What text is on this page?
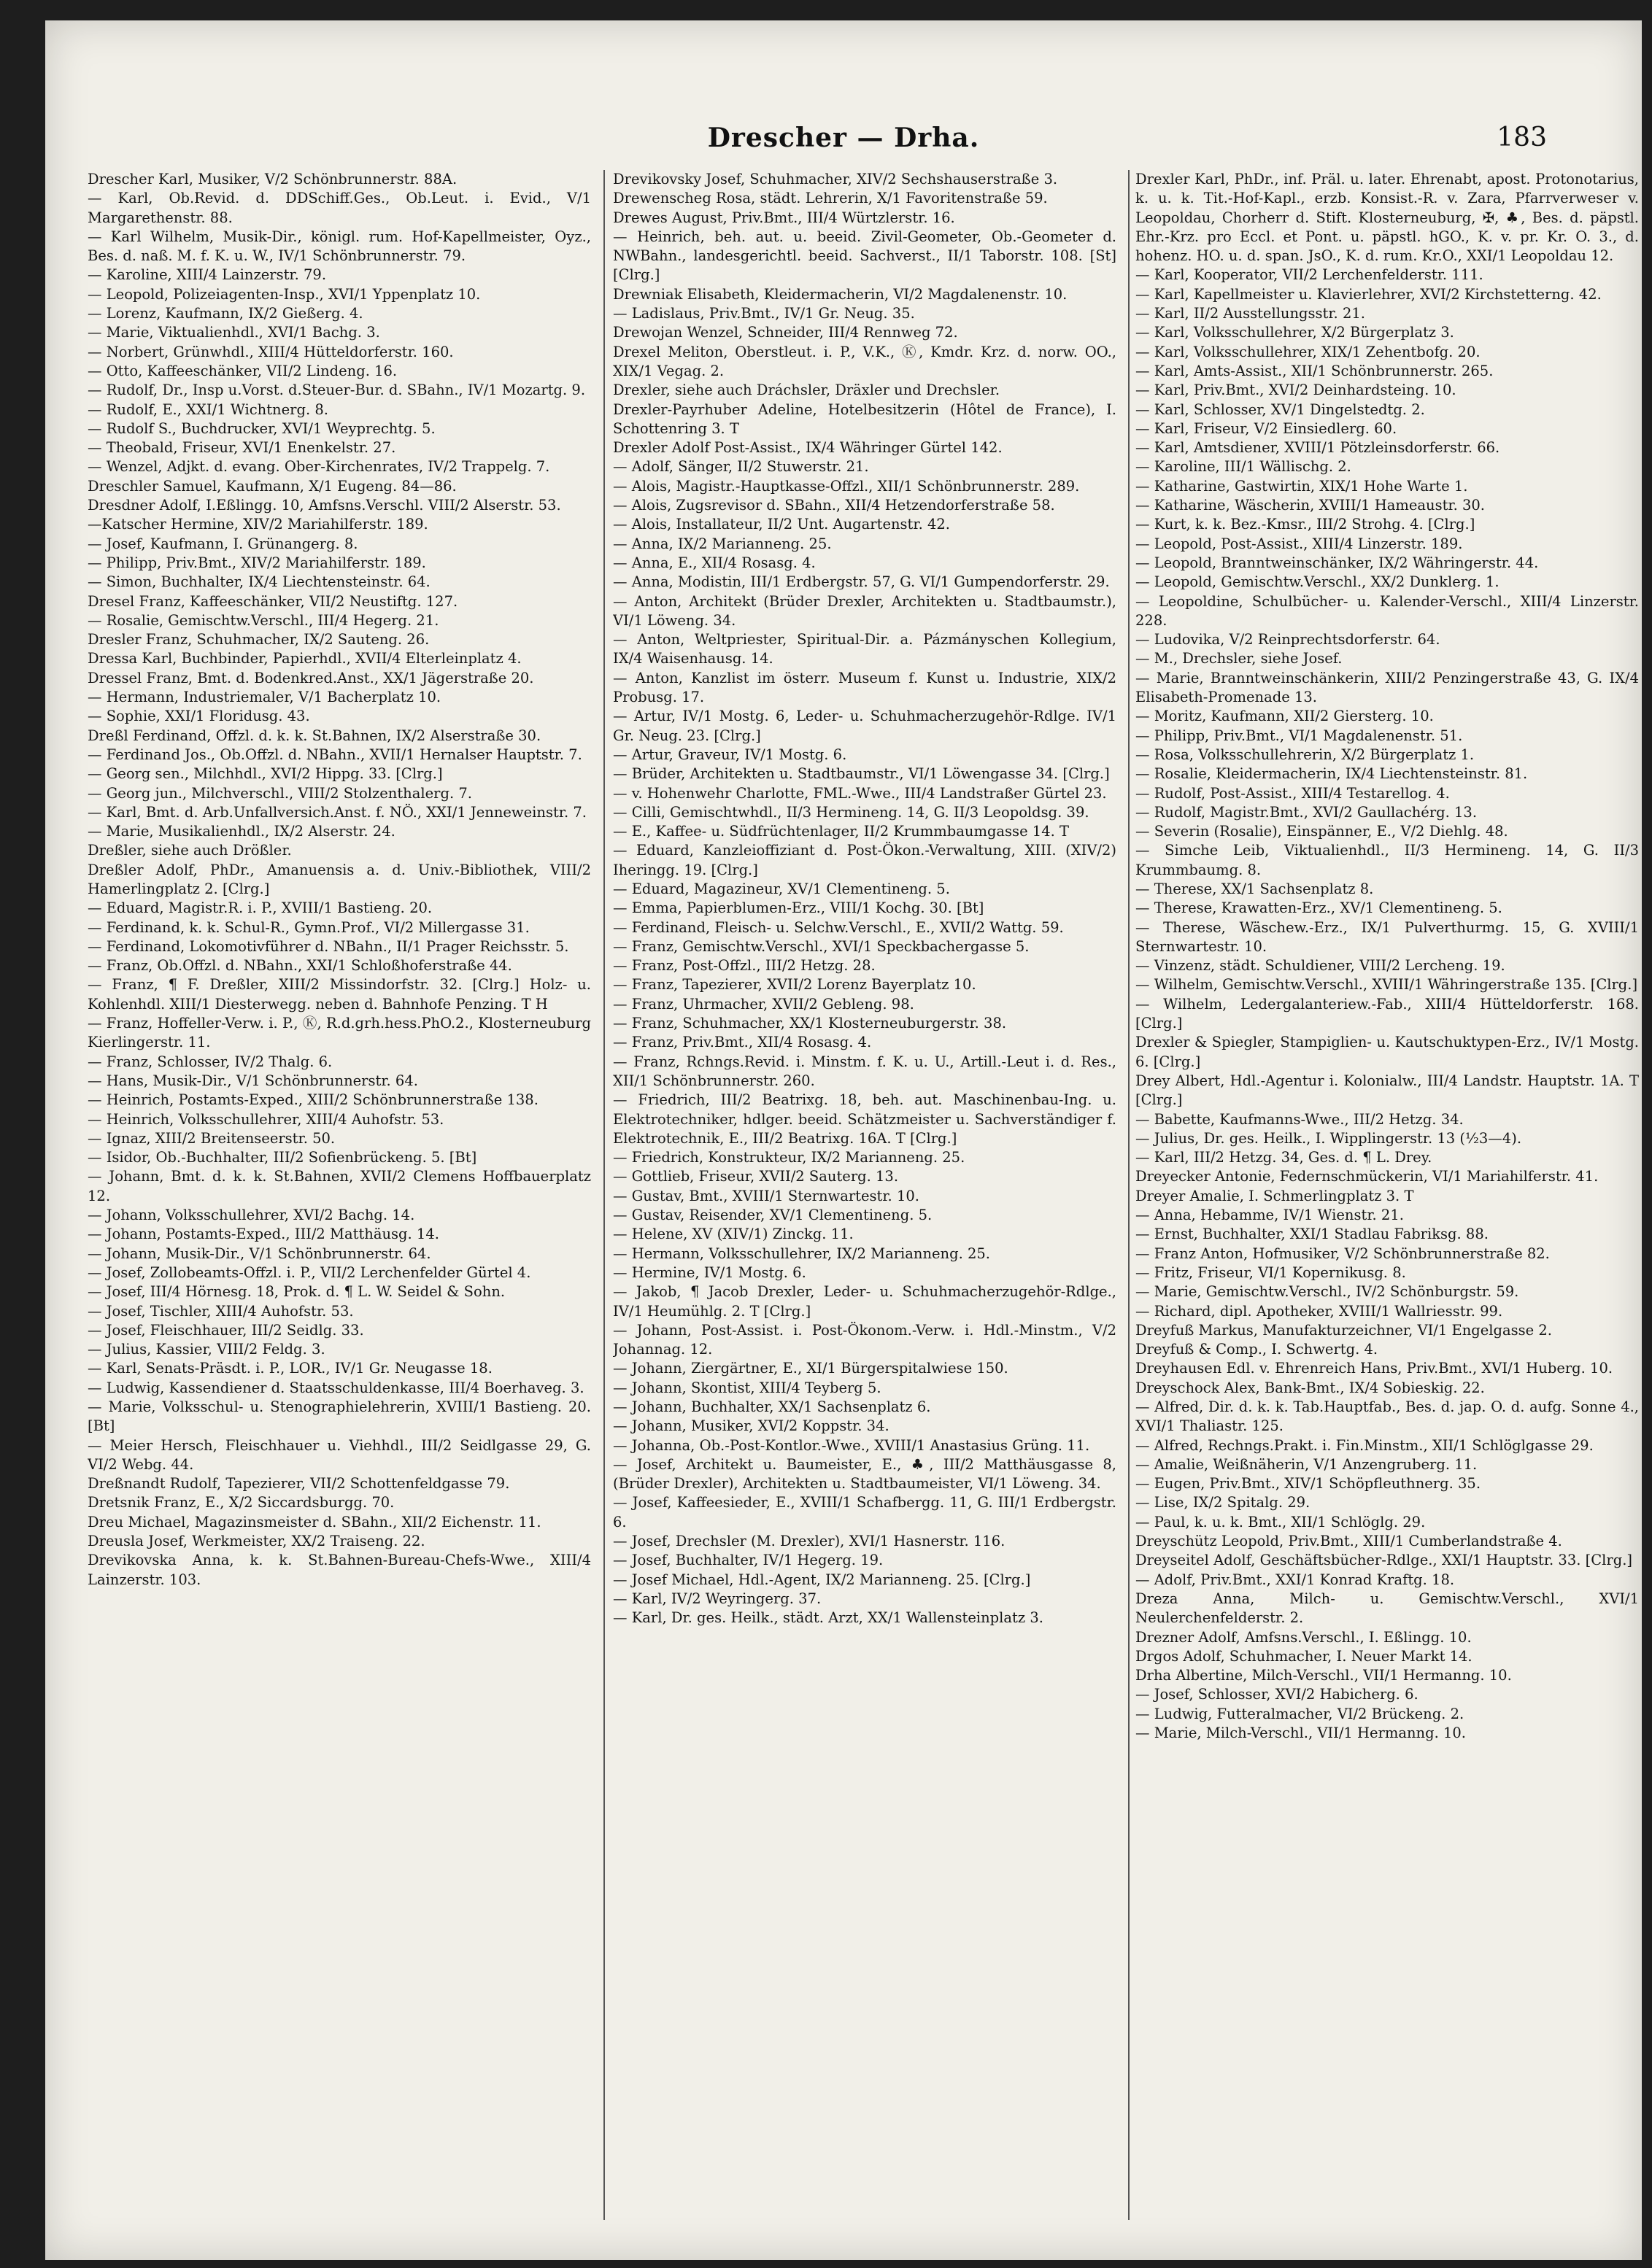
Drescher — Drha.	183

Drescher Karl, Musiker, V/2 Schönbrunnerstr. 88A.

— Karl, Ob.Revid. d. DDSchiff.Ges., Ob.Leut. i. Evid., V/1 Margarethenstr. 88.

— Karl Wilhelm, Musik-Dir., königl. rum. Hof-Kapellmeister, Oyz., Bes. d. naß. M. f. K. u. W., IV/1 Schönbrunnerstr. 79.

— Karoline, XIII/4 Lainzerstr. 79.

— Leopold, Polizeiagenten-Insp., XVI/1 Yppenplatz 10.

— Lorenz, Kaufmann, IX/2 Gießerg. 4.

— Marie, Viktualienhdl., XVI/1 Bachg. 3.

— Norbert, Grünwhdl., XIII/4 Hütteldorferstr. 160.

— Otto, Kaffeeschänker, VII/2 Lindeng. 16.

— Rudolf, Dr., Insp u.Vorst. d.Steuer-Bur. d. SBahn., IV/1 Mozartg. 9.

— Rudolf, E., XXI/1 Wichtnerg. 8.

— Rudolf S., Buchdrucker, XVI/1 Weyprechtg. 5.

— Theobald, Friseur, XVI/1 Enenkelstr. 27.

— Wenzel, Adjkt. d. evang. Ober-Kirchenrates, IV/2 Trappelg. 7.

Dreschler Samuel, Kaufmann, X/1 Eugeng. 84—86.

Dresdner Adolf, I.Eßlingg. 10, Amfsns.Verschl. VIII/2 Alserstr. 53.

—Katscher Hermine, XIV/2 Mariahilferstr. 189.

— Josef, Kaufmann, I. Grünangerg. 8.

— Philipp, Priv.Bmt., XIV/2 Mariahilferstr. 189.

— Simon, Buchhalter, IX/4 Liechtensteinstr. 64.

Dresel Franz, Kaffeeschänker, VII/2 Neustiftg. 127.

— Rosalie, Gemischtw.Verschl., III/4 Hegerg. 21.

Dresler Franz, Schuhmacher, IX/2 Sauteng. 26.

Dressa Karl, Buchbinder, Papierhdl., XVII/4 Elterleinplatz 4.

Dressel Franz, Bmt. d. Bodenkred.Anst., XX/1 Jägerstraße 20.

— Hermann, Industriemaler, V/1 Bacherplatz 10.

— Sophie, XXI/1 Floridusg. 43.

Dreßl Ferdinand, Offzl. d. k. k. St.Bahnen, IX/2 Alserstraße 30.

— Ferdinand Jos., Ob.Offzl. d. NBahn., XVII/1 Hernalser Hauptstr. 7.

— Georg sen., Milchhdl., XVI/2 Hippg. 33. [Clrg.]

— Georg jun., Milchverschl., VIII/2 Stolzenthalerg. 7.

— Karl, Bmt. d. Arb.Unfallversich.Anst. f. NÖ., XXI/1 Jenneweinstr. 7.

— Marie, Musikalienhdl., IX/2 Alserstr. 24.

Dreßler, siehe auch Drößler.

Dreßler Adolf, PhDr., Amanuensis a. d. Univ.-Bibliothek, VIII/2 Hamerlingplatz 2. [Clrg.]

— Eduard, Magistr.R. i. P., XVIII/1 Bastieng. 20.

— Ferdinand, k. k. Schul-R., Gymn.Prof., VI/2 Millergasse 31.

— Ferdinand, Lokomotivführer d. NBahn., II/1 Prager Reichsstr. 5.

— Franz, Ob.Offzl. d. NBahn., XXI/1 Schloßhoferstraße 44.

— Franz, ¶ F. Dreßler, XIII/2 Missindorfstr. 32. [Clrg.] Holz- u. Kohlenhdl. XIII/1 Diesterwegg. neben d. Bahnhofe Penzing. T H

— Franz, Hoffeller-Verw. i. P., Ⓚ, R.d.grh.hess.PhO.2., Klosterneuburg Kierlingerstr. 11.

— Franz, Schlosser, IV/2 Thalg. 6.

— Hans, Musik-Dir., V/1 Schönbrunnerstr. 64.

— Heinrich, Postamts-Exped., XIII/2 Schönbrunnerstraße 138.

— Heinrich, Volksschullehrer, XIII/4 Auhofstr. 53.

— Ignaz, XIII/2 Breitenseerstr. 50.

— Isidor, Ob.-Buchhalter, III/2 Sofienbrückeng. 5. [Bt]

— Johann, Bmt. d. k. k. St.Bahnen, XVII/2 Clemens Hoffbauerplatz 12.

— Johann, Volksschullehrer, XVI/2 Bachg. 14.

— Johann, Postamts-Exped., III/2 Matthäusg. 14.

— Johann, Musik-Dir., V/1 Schönbrunnerstr. 64.

— Josef, Zollobeamts-Offzl. i. P., VII/2 Lerchenfelder Gürtel 4.

— Josef, III/4 Hörnesg. 18, Prok. d. ¶ L. W. Seidel & Sohn.

— Josef, Tischler, XIII/4 Auhofstr. 53.

— Josef, Fleischhauer, III/2 Seidlg. 33.

— Julius, Kassier, VIII/2 Feldg. 3.

— Karl, Senats-Präsdt. i. P., LOR., IV/1 Gr. Neugasse 18.

— Ludwig, Kassendiener d. Staatsschuldenkasse, III/4 Boerhaveg. 3.

— Marie, Volksschul- u. Stenographielehrerin, XVIII/1 Bastieng. 20. [Bt]

— Meier Hersch, Fleischhauer u. Viehhdl., III/2 Seidlgasse 29, G. VI/2 Webg. 44.

Dreßnandt Rudolf, Tapezierer, VII/2 Schottenfeldgasse 79.

Dretsnik Franz, E., X/2 Siccardsburgg. 70.

Dreu Michael, Magazinsmeister d. SBahn., XII/2 Eichenstr. 11.

Dreusla Josef, Werkmeister, XX/2 Traiseng. 22.

Drevikovska Anna, k. k. St.Bahnen-Bureau-Chefs-Wwe., XIII/4 Lainzerstr. 103.

Drevikovsky Josef, Schuhmacher, XIV/2 Sechshauserstraße 3.

Drewenscheg Rosa, städt. Lehrerin, X/1 Favoritenstraße 59.

Drewes August, Priv.Bmt., III/4 Würtzlerstr. 16.

— Heinrich, beh. aut. u. beeid. Zivil-Geometer, Ob.-Geometer d. NWBahn., landesgerichtl. beeid. Sachverst., II/1 Taborstr. 108. [St] [Clrg.]

Drewniak Elisabeth, Kleidermacherin, VI/2 Magdalenenstr. 10.

— Ladislaus, Priv.Bmt., IV/1 Gr. Neug. 35.

Drewojan Wenzel, Schneider, III/4 Rennweg 72.

Drexel Meliton, Oberstleut. i. P., V.K., Ⓚ, Kmdr. Krz. d. norw. OO., XIX/1 Vegag. 2.

Drexler, siehe auch Dráchsler, Dräxler und Drechsler.

Drexler-Payrhuber Adeline, Hotelbesitzerin (Hôtel de France), I. Schottenring 3. T

Drexler Adolf Post-Assist., IX/4 Währinger Gürtel 142.

— Adolf, Sänger, II/2 Stuwerstr. 21.

— Alois, Magistr.-Hauptkasse-Offzl., XII/1 Schönbrunnerstr. 289.

— Alois, Zugsrevisor d. SBahn., XII/4 Hetzendorferstraße 58.

— Alois, Installateur, II/2 Unt. Augartenstr. 42.

— Anna, IX/2 Marianneng. 25.

— Anna, E., XII/4 Rosasg. 4.

— Anna, Modistin, III/1 Erdbergstr. 57, G. VI/1 Gumpendorferstr. 29.

— Anton, Architekt (Brüder Drexler, Architekten u. Stadtbaumstr.), VI/1 Löweng. 34.

— Anton, Weltpriester, Spiritual-Dir. a. Pázmányschen Kollegium, IX/4 Waisenhausg. 14.

— Anton, Kanzlist im österr. Museum f. Kunst u. Industrie, XIX/2 Probusg. 17.

— Artur, IV/1 Mostg. 6, Leder- u. Schuhmacherzugehör-Rdlge. IV/1 Gr. Neug. 23. [Clrg.]

— Artur, Graveur, IV/1 Mostg. 6.

— Brüder, Architekten u. Stadtbaumstr., VI/1 Löwengasse 34. [Clrg.]

— v. Hohenwehr Charlotte, FML.-Wwe., III/4 Landstraßer Gürtel 23.

— Cilli, Gemischtwhdl., II/3 Hermineng. 14, G. II/3 Leopoldsg. 39.

— E., Kaffee- u. Südfrüchtenlager, II/2 Krummbaumgasse 14. T

— Eduard, Kanzleioffiziant d. Post-Ökon.-Verwaltung, XIII. (XIV/2) Iheringg. 19. [Clrg.]

— Eduard, Magazineur, XV/1 Clementineng. 5.

— Emma, Papierblumen-Erz., VIII/1 Kochg. 30. [Bt]

— Ferdinand, Fleisch- u. Selchw.Verschl., E., XVII/2 Wattg. 59.

— Franz, Gemischtw.Verschl., XVI/1 Speckbachergasse 5.

— Franz, Post-Offzl., III/2 Hetzg. 28.

— Franz, Tapezierer, XVII/2 Lorenz Bayerplatz 10.

— Franz, Uhrmacher, XVII/2 Gebleng. 98.

— Franz, Schuhmacher, XX/1 Klosterneuburgerstr. 38.

— Franz, Priv.Bmt., XII/4 Rosasg. 4.

— Franz, Rchngs.Revid. i. Minstm. f. K. u. U., Artill.-Leut i. d. Res., XII/1 Schönbrunnerstr. 260.

— Friedrich, III/2 Beatrixg. 18, beh. aut. Maschinenbau-Ing. u. Elektrotechniker, hdlger. beeid. Schätzmeister u. Sachverständiger f. Elektrotechnik, E., III/2 Beatrixg. 16A. T [Clrg.]

— Friedrich, Konstrukteur, IX/2 Marianneng. 25.

— Gottlieb, Friseur, XVII/2 Sauterg. 13.

— Gustav, Bmt., XVIII/1 Sternwartestr. 10.

— Gustav, Reisender, XV/1 Clementineng. 5.

— Helene, XV (XIV/1) Zinckg. 11.

— Hermann, Volksschullehrer, IX/2 Marianneng. 25.

— Hermine, IV/1 Mostg. 6.

— Jakob, ¶ Jacob Drexler, Leder- u. Schuhmacherzugehör-Rdlge., IV/1 Heumühlg. 2. T [Clrg.]

— Johann, Post-Assist. i. Post-Ökonom.-Verw. i. Hdl.-Minstm., V/2 Johannag. 12.

— Johann, Ziergärtner, E., XI/1 Bürgerspitalwiese 150.

— Johann, Skontist, XIII/4 Teyberg 5.

— Johann, Buchhalter, XX/1 Sachsenplatz 6.

— Johann, Musiker, XVI/2 Koppstr. 34.

— Johanna, Ob.-Post-Kontlor.-Wwe., XVIII/1 Anastasius Grüng. 11.

— Josef, Architekt u. Baumeister, E., ♣, III/2 Matthäusgasse 8, (Brüder Drexler), Architekten u. Stadtbaumeister, VI/1 Löweng. 34.

— Josef, Kaffeesieder, E., XVIII/1 Schafbergg. 11, G. III/1 Erdbergstr. 6.

— Josef, Drechsler (M. Drexler), XVI/1 Hasnerstr. 116.

— Josef, Buchhalter, IV/1 Hegerg. 19.

— Josef Michael, Hdl.-Agent, IX/2 Marianneng. 25. [Clrg.]

— Karl, IV/2 Weyringerg. 37.

— Karl, Dr. ges. Heilk., städt. Arzt, XX/1 Wallensteinplatz 3.

Drexler Karl, PhDr., inf. Präl. u. later. Ehrenabt, apost. Protonotarius, k. u. k. Tit.-Hof-Kapl., erzb. Konsist.-R. v. Zara, Pfarrverweser v. Leopoldau, Chorherr d. Stift. Klosterneuburg, ✠, ♣, Bes. d. päpstl. Ehr.-Krz. pro Eccl. et Pont. u. päpstl. hGO., K. v. pr. Kr. O. 3., d. hohenz. HO. u. d. span. JsO., K. d. rum. Kr.O., XXI/1 Leopoldau 12.

— Karl, Kooperator, VII/2 Lerchenfelderstr. 111.

— Karl, Kapellmeister u. Klavierlehrer, XVI/2 Kirchstetterng. 42.

— Karl, II/2 Ausstellungsstr. 21.

— Karl, Volksschullehrer, X/2 Bürgerplatz 3.

— Karl, Volksschullehrer, XIX/1 Zehentbofg. 20.

— Karl, Amts-Assist., XII/1 Schönbrunnerstr. 265.

— Karl, Priv.Bmt., XVI/2 Deinhardsteing. 10.

— Karl, Schlosser, XV/1 Dingelstedtg. 2.

— Karl, Friseur, V/2 Einsiedlerg. 60.

— Karl, Amtsdiener, XVIII/1 Pötzleinsdorferstr. 66.

— Karoline, III/1 Wällischg. 2.

— Katharine, Gastwirtin, XIX/1 Hohe Warte 1.

— Katharine, Wäscherin, XVIII/1 Hameaustr. 30.

— Kurt, k. k. Bez.-Kmsr., III/2 Strohg. 4. [Clrg.]

— Leopold, Post-Assist., XIII/4 Linzerstr. 189.

— Leopold, Branntweinschänker, IX/2 Währingerstr. 44.

— Leopold, Gemischtw.Verschl., XX/2 Dunklerg. 1.

— Leopoldine, Schulbücher- u. Kalender-Verschl., XIII/4 Linzerstr. 228.

— Ludovika, V/2 Reinprechtsdorferstr. 64.

— M., Drechsler, siehe Josef.

— Marie, Branntweinschänkerin, XIII/2 Penzingerstraße 43, G. IX/4 Elisabeth-Promenade 13.

— Moritz, Kaufmann, XII/2 Giersterg. 10.

— Philipp, Priv.Bmt., VI/1 Magdalenenstr. 51.

— Rosa, Volksschullehrerin, X/2 Bürgerplatz 1.

— Rosalie, Kleidermacherin, IX/4 Liechtensteinstr. 81.

— Rudolf, Post-Assist., XIII/4 Testarellog. 4.

— Rudolf, Magistr.Bmt., XVI/2 Gaullachérg. 13.

— Severin (Rosalie), Einspänner, E., V/2 Diehlg. 48.

— Simche Leib, Viktualienhdl., II/3 Hermineng. 14, G. II/3 Krummbaumg. 8.

— Therese, XX/1 Sachsenplatz 8.

— Therese, Krawatten-Erz., XV/1 Clementineng. 5.

— Therese, Wäschew.-Erz., IX/1 Pulverthurmg. 15, G. XVIII/1 Sternwartestr. 10.

— Vinzenz, städt. Schuldiener, VIII/2 Lercheng. 19.

— Wilhelm, Gemischtw.Verschl., XVIII/1 Währingerstraße 135. [Clrg.]

— Wilhelm, Ledergalanteriew.-Fab., XIII/4 Hütteldorferstr. 168. [Clrg.]

Drexler & Spiegler, Stampiglien- u. Kautschuktypen-Erz., IV/1 Mostg. 6. [Clrg.]

Drey Albert, Hdl.-Agentur i. Kolonialw., III/4 Landstr. Hauptstr. 1A. T [Clrg.]

— Babette, Kaufmanns-Wwe., III/2 Hetzg. 34.

— Julius, Dr. ges. Heilk., I. Wipplingerstr. 13 (½3—4).

— Karl, III/2 Hetzg. 34, Ges. d. ¶ L. Drey.

Dreyecker Antonie, Federnschmückerin, VI/1 Mariahilferstr. 41.

Dreyer Amalie, I. Schmerlingplatz 3. T

— Anna, Hebamme, IV/1 Wienstr. 21.

— Ernst, Buchhalter, XXI/1 Stadlau Fabriksg. 88.

— Franz Anton, Hofmusiker, V/2 Schönbrunnerstraße 82.

— Fritz, Friseur, VI/1 Kopernikusg. 8.

— Marie, Gemischtw.Verschl., IV/2 Schönburgstr. 59.

— Richard, dipl. Apotheker, XVIII/1 Wallriesstr. 99.

Dreyfuß Markus, Manufakturzeichner, VI/1 Engelgasse 2.

Dreyfuß & Comp., I. Schwertg. 4.

Dreyhausen Edl. v. Ehrenreich Hans, Priv.Bmt., XVI/1 Huberg. 10.

Dreyschock Alex, Bank-Bmt., IX/4 Sobieskig. 22.

— Alfred, Dir. d. k. k. Tab.Hauptfab., Bes. d. jap. O. d. aufg. Sonne 4., XVI/1 Thaliastr. 125.

— Alfred, Rechngs.Prakt. i. Fin.Minstm., XII/1 Schlöglgasse 29.

— Amalie, Weißnäherin, V/1 Anzengruberg. 11.

— Eugen, Priv.Bmt., XIV/1 Schöpfleuthnerg. 35.

— Lise, IX/2 Spitalg. 29.

— Paul, k. u. k. Bmt., XII/1 Schlöglg. 29.

Dreyschütz Leopold, Priv.Bmt., XIII/1 Cumberlandstraße 4.

Dreyseitel Adolf, Geschäftsbücher-Rdlge., XXI/1 Hauptstr. 33. [Clrg.]

— Adolf, Priv.Bmt., XXI/1 Konrad Kraftg. 18.

Dreza Anna, Milch- u. Gemischtw.Verschl., XVI/1 Neulerchenfelderstr. 2.

Drezner Adolf, Amfsns.Verschl., I. Eßlingg. 10.

Drgos Adolf, Schuhmacher, I. Neuer Markt 14.

Drha Albertine, Milch-Verschl., VII/1 Hermanng. 10.

— Josef, Schlosser, XVI/2 Habicherg. 6.

— Ludwig, Futteralmacher, VI/2 Brückeng. 2.

— Marie, Milch-Verschl., VII/1 Hermanng. 10.
